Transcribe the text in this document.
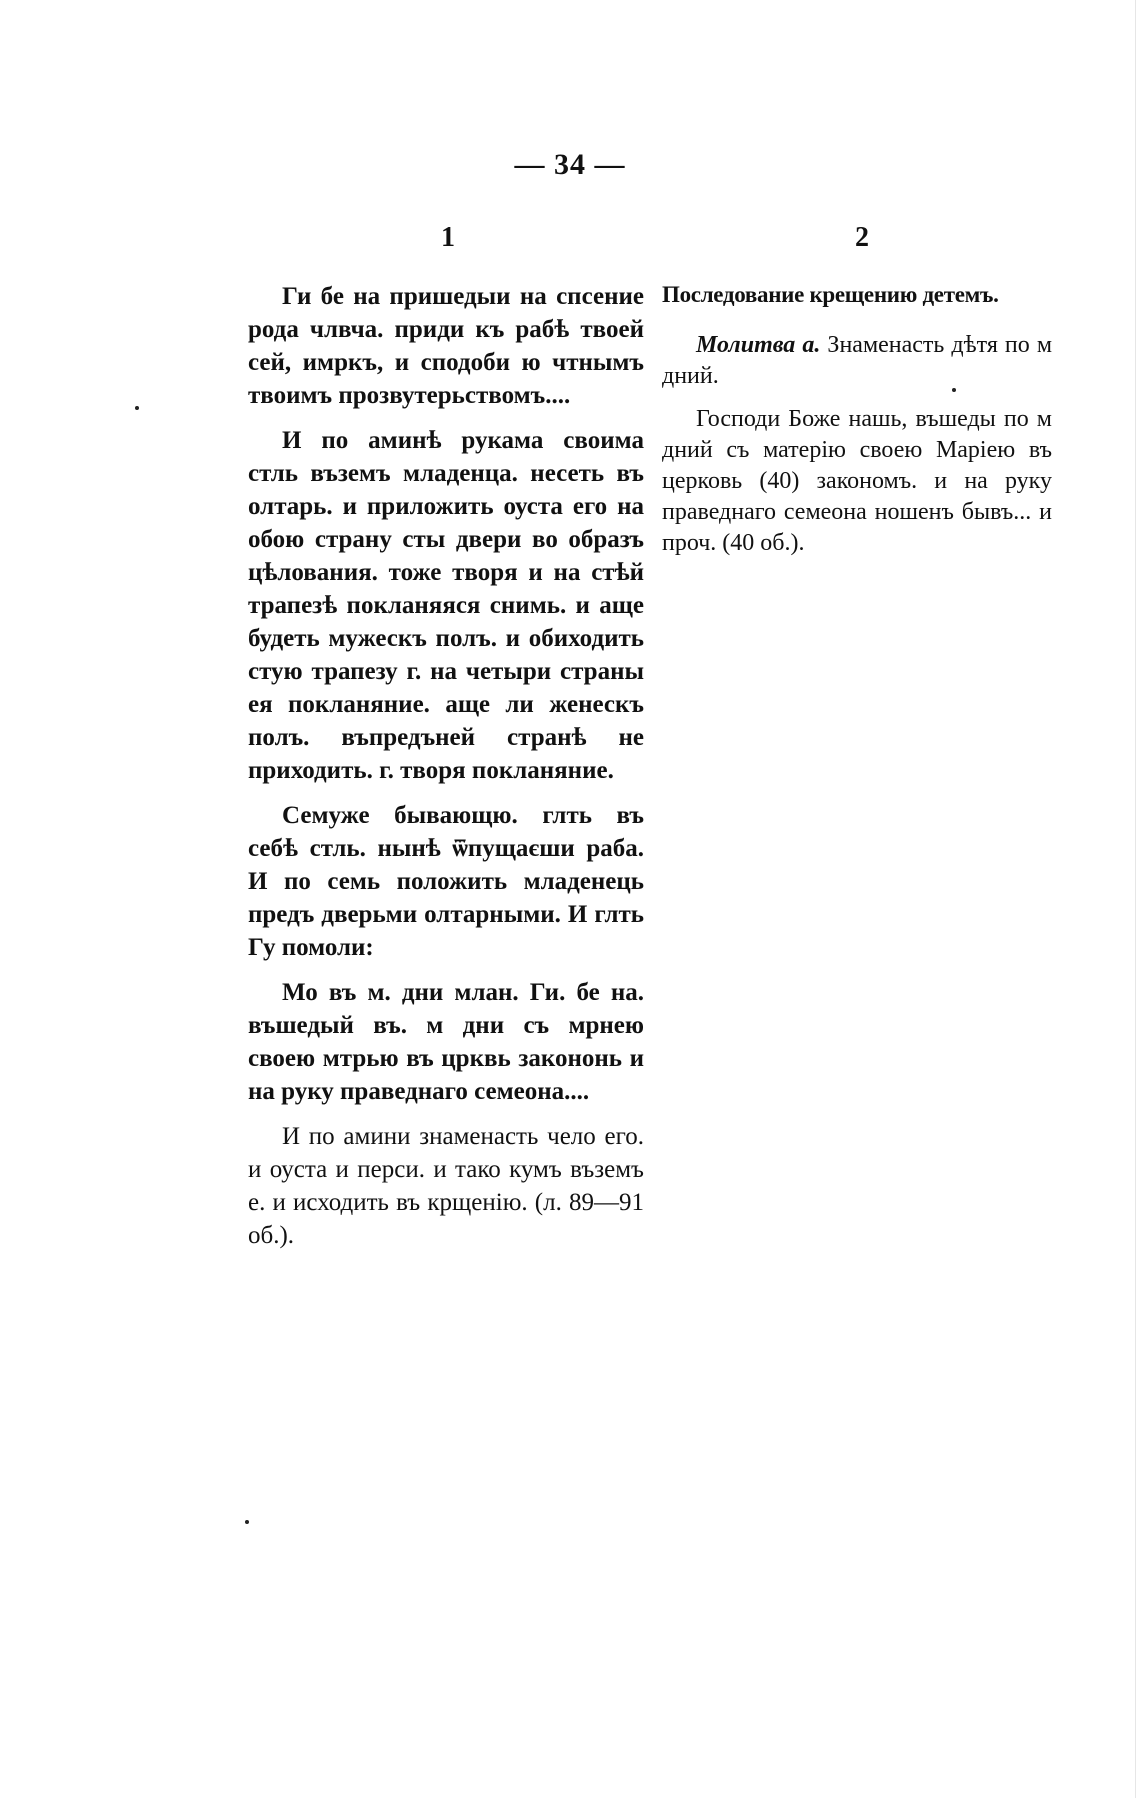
— 34 —
1	2

Ги бе на пришедыи на спсение рода члвча. приди къ рабѣ твоей сей, имркъ, и сподоби ю чтнымъ твоимъ прозвутерьствомъ....

И по аминѣ рукама своима стль въземъ младенца. несеть въ олтарь. и приложить оуста его на обою страну сты двери во образъ цѣлования. тоже творя и на стѣй трапезѣ покланяяся снимь. и аще будеть мужескъ полъ. и обиходить стую трапезу г. на четыри страны ея покланяние. аще ли женескъ полъ. въпредъней странѣ не приходить. г. творя покланяние.

Семуже бывающю. глть въ себѣ стль. нынѣ ѿпущаєши раба. И по семь положить младенець предъ дверьми олтарными. И глть Гу помоли:

Мо въ м. дни млан. Ги. бе на. въшедый въ. м дни съ мрнею своею мтрью въ црквь закононь и на руку праведнаго семеона....

И по амини знаменасть чело его. и оуста и перси. и тако кумъ въземъ е. и исходить въ крщенію. (л. 89—91 об.).

Последование крещению детемъ.

Молитва а. Знаменасть дѣтя по м дний.

Господи Боже нашь, въшеды по м дний съ матерію своею Маріею въ церковь (40) закономъ. и на руку праведнаго семеона ношенъ бывъ... и проч. (40 об.).
